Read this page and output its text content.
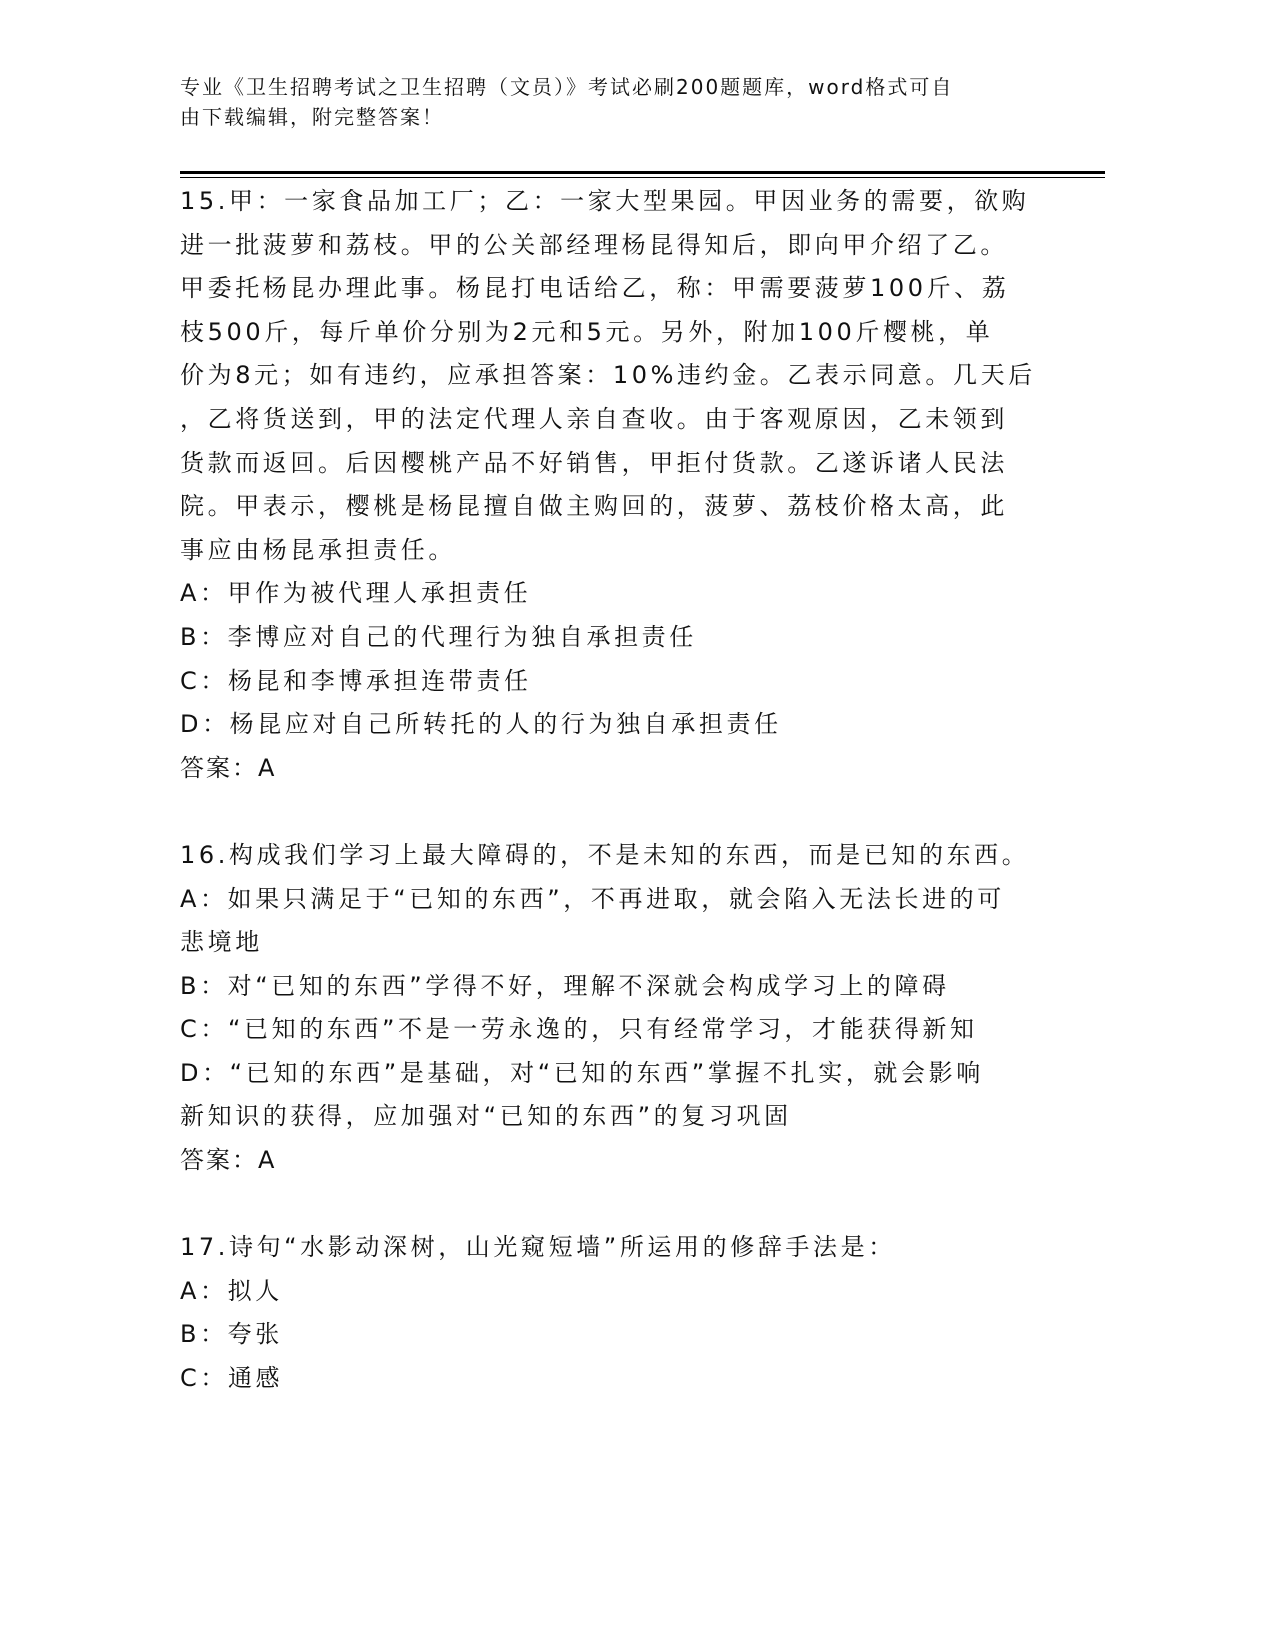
专业《卫生招聘考试之卫生招聘（文员）》考试必刷200题题库，word格式可自
由下载编辑，附完整答案！
15.甲：一家食品加工厂；乙：一家大型果园。甲因业务的需要，欲购
进一批菠萝和荔枝。甲的公关部经理杨昆得知后，即向甲介绍了乙。
甲委托杨昆办理此事。杨昆打电话给乙，称：甲需要菠萝100斤、荔
枝500斤，每斤单价分别为2元和5元。另外，附加100斤樱桃，单
价为8元；如有违约，应承担答案：10%违约金。乙表示同意。几天后
，乙将货送到，甲的法定代理人亲自查收。由于客观原因，乙未领到
货款而返回。后因樱桃产品不好销售，甲拒付货款。乙遂诉诸人民法
院。甲表示，樱桃是杨昆擅自做主购回的，菠萝、荔枝价格太高，此
事应由杨昆承担责任。
A：甲作为被代理人承担责任
B：李博应对自己的代理行为独自承担责任
C：杨昆和李博承担连带责任
D：杨昆应对自己所转托的人的行为独自承担责任
答案：A
16.构成我们学习上最大障碍的，不是未知的东西，而是已知的东西。
A：如果只满足于“已知的东西”，不再进取，就会陷入无法长进的可
悲境地
B：对“已知的东西”学得不好，理解不深就会构成学习上的障碍
C：“已知的东西”不是一劳永逸的，只有经常学习，才能获得新知
D：“已知的东西”是基础，对“已知的东西”掌握不扎实，就会影响
新知识的获得，应加强对“已知的东西”的复习巩固
答案：A
17.诗句“水影动深树，山光窥短墙”所运用的修辞手法是：
A：拟人
B：夸张
C：通感
